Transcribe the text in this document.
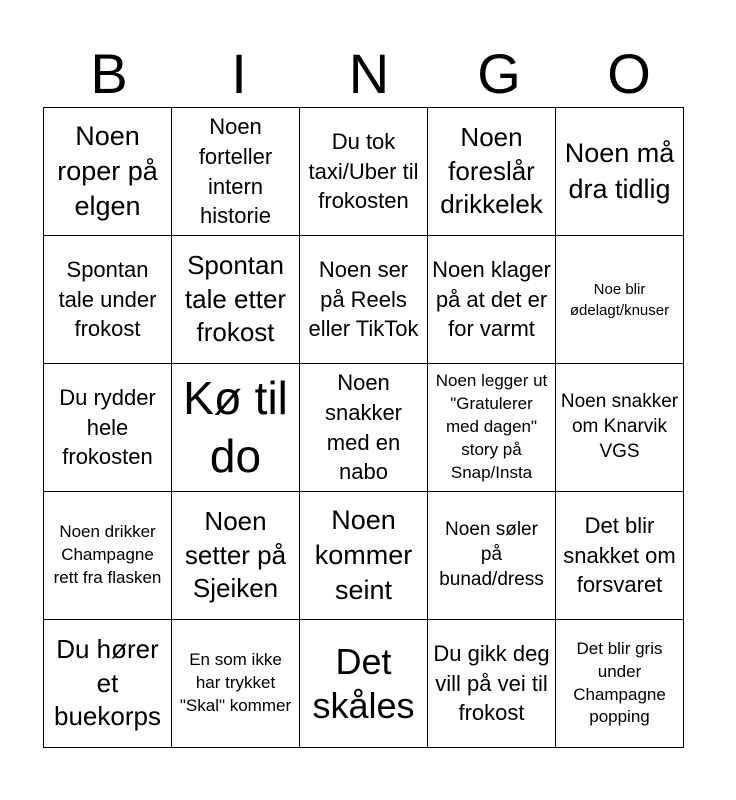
B	I	N	G	O
Noen roper på elgen	Noen forteller intern historie	Du tok taxi/Uber til frokosten	Noen foreslår drikkelek	Noen må dra tidlig

Spontan tale under frokost	Spontan tale etter frokost	Noen ser på Reels eller TikTok	Noen klager på at det er for varmt	Noe blir ødelagt/knuser

Du rydder hele frokosten	Kø til do	Noen snakker med en nabo	Noen legger ut "Gratulerer med dagen" story på Snap/Insta	Noen snakker om Knarvik VGS

Noen drikker Champagne rett fra flasken	Noen setter på Sjeiken	Noen kommer seint	Noen søler på bunad/dress	Det blir snakket om forsvaret

Du hører et buekorps	En som ikke har trykket "Skal" kommer	Det skåles	Du gikk deg vill på vei til frokost	Det blir gris under Champagne popping
